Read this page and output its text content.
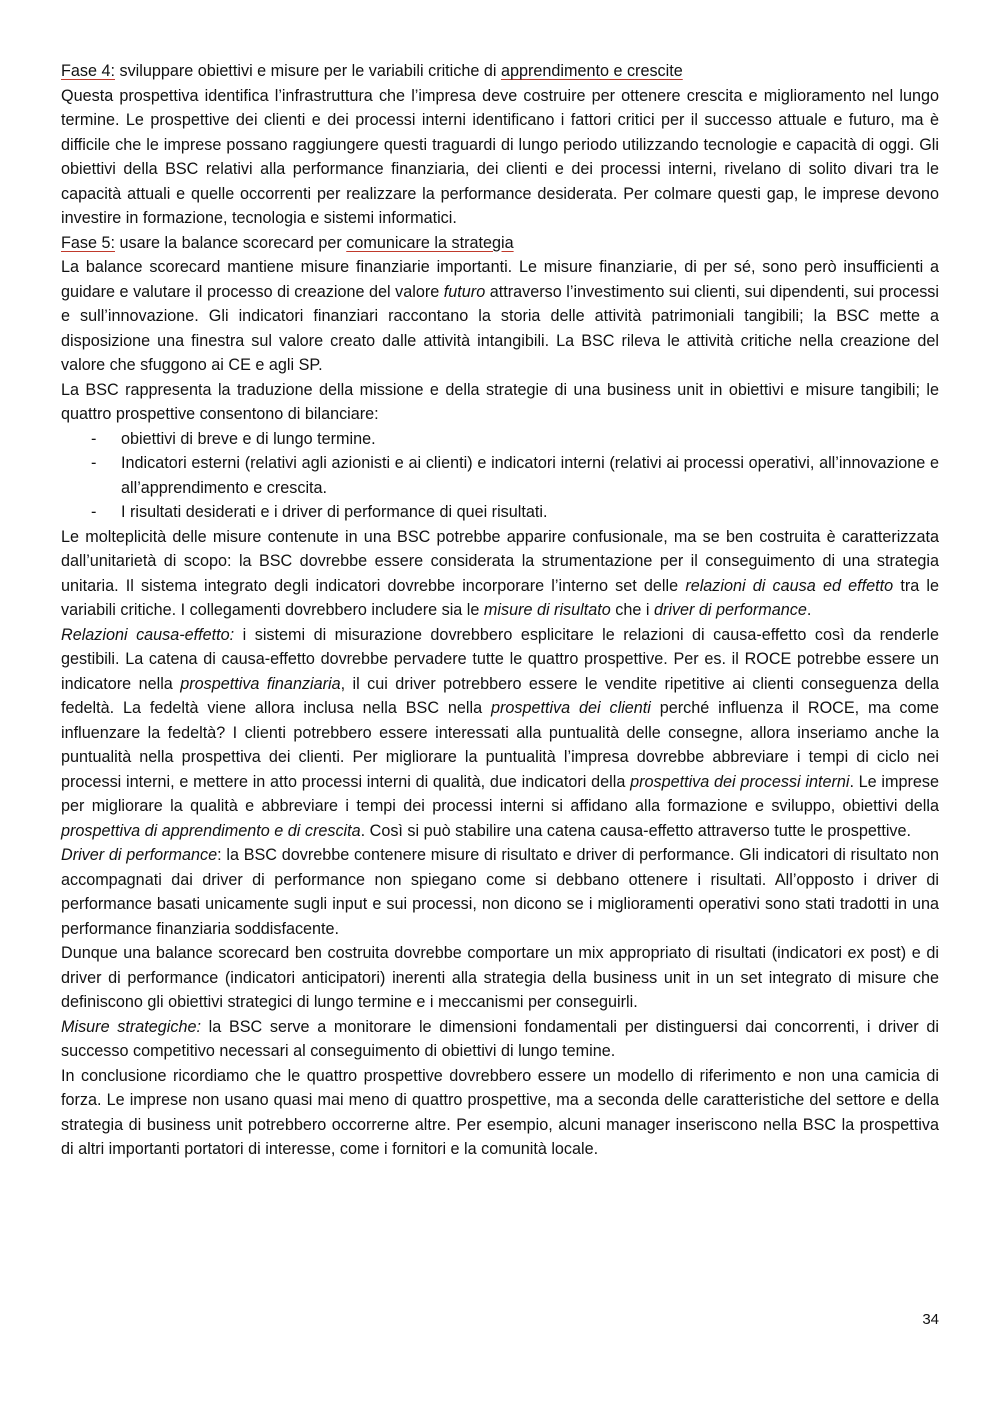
Fase 4: sviluppare obiettivi e misure per le variabili critiche di apprendimento e crescite

Questa prospettiva identifica l’infrastruttura che l’impresa deve costruire per ottenere crescita e miglioramento nel lungo termine. Le prospettive dei clienti e dei processi interni identificano i fattori critici per il successo attuale e futuro, ma è difficile che le imprese possano raggiungere questi traguardi di lungo periodo utilizzando tecnologie e capacità di oggi. Gli obiettivi della BSC relativi alla performance finanziaria, dei clienti e dei processi interni, rivelano di solito divari tra le capacità attuali e quelle occorrenti per realizzare la performance desiderata. Per colmare questi gap, le imprese devono investire in formazione, tecnologia e sistemi informatici.

Fase 5: usare la balance scorecard per comunicare la strategia

La balance scorecard mantiene misure finanziarie importanti. Le misure finanziarie, di per sé, sono però insufficienti a guidare e valutare il processo di creazione del valore futuro attraverso l’investimento sui clienti, sui dipendenti, sui processi e sull’innovazione. Gli indicatori finanziari raccontano la storia delle attività patrimoniali tangibili; la BSC mette a disposizione una finestra sul valore creato dalle attività intangibili. La BSC rileva le attività critiche nella creazione del valore che sfuggono ai CE e agli SP.

La BSC rappresenta la traduzione della missione e della strategie di una business unit in obiettivi e misure tangibili; le quattro prospettive consentono di bilanciare:

- obiettivi di breve e di lungo termine.
- Indicatori esterni (relativi agli azionisti e ai clienti) e indicatori interni (relativi ai processi operativi, all’innovazione e all’apprendimento e crescita.
- I risultati desiderati e i driver di performance di quei risultati.

Le molteplicità delle misure contenute in una BSC potrebbe apparire confusionale, ma se ben costruita è caratterizzata dall’unitarietà di scopo: la BSC dovrebbe essere considerata la strumentazione per il conseguimento di una strategia unitaria. Il sistema integrato degli indicatori dovrebbe incorporare l’interno set delle relazioni di causa ed effetto tra le variabili critiche. I collegamenti dovrebbero includere sia le misure di risultato che i driver di performance.

Relazioni causa-effetto: i sistemi di misurazione dovrebbero esplicitare le relazioni di causa-effetto così da renderle gestibili. La catena di causa-effetto dovrebbe pervadere tutte le quattro prospettive. Per es. il ROCE potrebbe essere un indicatore nella prospettiva finanziaria, il cui driver potrebbero essere le vendite ripetitive ai clienti conseguenza della fedeltà. La fedeltà viene allora inclusa nella BSC nella prospettiva dei clienti perché influenza il ROCE, ma come influenzare la fedeltà? I clienti potrebbero essere interessati alla puntualità delle consegne, allora inseriamo anche la puntualità nella prospettiva dei clienti. Per migliorare la puntualità l’impresa dovrebbe abbreviare i tempi di ciclo nei processi interni, e mettere in atto processi interni di qualità, due indicatori della prospettiva dei processi interni. Le imprese per migliorare la qualità e abbreviare i tempi dei processi interni si affidano alla formazione e sviluppo, obiettivi della prospettiva di apprendimento e di crescita. Così si può stabilire una catena causa-effetto attraverso tutte le prospettive.

Driver di performance: la BSC dovrebbe contenere misure di risultato e driver di performance. Gli indicatori di risultato non accompagnati dai driver di performance non spiegano come si debbano ottenere i risultati. All’opposto i driver di performance basati unicamente sugli input e sui processi, non dicono se i miglioramenti operativi sono stati tradotti in una performance finanziaria soddisfacente.

Dunque una balance scorecard ben costruita dovrebbe comportare un mix appropriato di risultati (indicatori ex post) e di driver di performance (indicatori anticipatori) inerenti alla strategia della business unit in un set integrato di misure che definiscono gli obiettivi strategici di lungo termine e i meccanismi per conseguirli.

Misure strategiche: la BSC serve a monitorare le dimensioni fondamentali per distinguersi dai concorrenti, i driver di successo competitivo necessari al conseguimento di obiettivi di lungo temine.

In conclusione ricordiamo che le quattro prospettive dovrebbero essere un modello di riferimento e non una camicia di forza. Le imprese non usano quasi mai meno di quattro prospettive, ma a seconda delle caratteristiche del settore e della strategia di business unit potrebbero occorrerne altre. Per esempio, alcuni manager inseriscono nella BSC la prospettiva di altri importanti portatori di interesse, come i fornitori e la comunità locale.

34
